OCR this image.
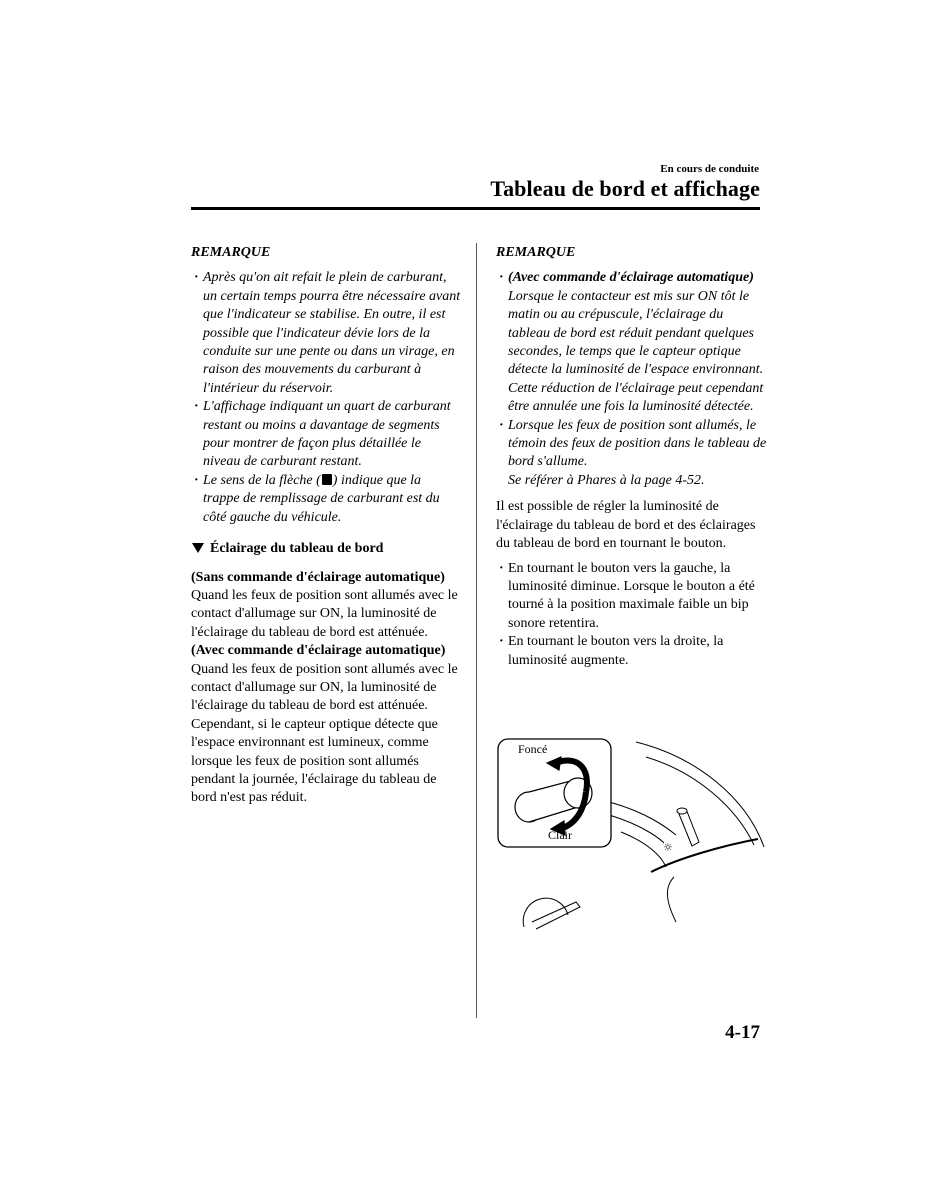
En cours de conduite
Tableau de bord et affichage
REMARQUE
· Après qu'on ait refait le plein de carburant, un certain temps pourra être nécessaire avant que l'indicateur se stabilise. En outre, il est possible que l'indicateur dévie lors de la conduite sur une pente ou dans un virage, en raison des mouvements du carburant à l'intérieur du réservoir.
· L'affichage indiquant un quart de carburant restant ou moins a davantage de segments pour montrer de façon plus détaillée le niveau de carburant restant.
· Le sens de la flèche ( ) indique que la trappe de remplissage de carburant est du côté gauche du véhicule.
Éclairage du tableau de bord

(Sans commande d'éclairage automatique)

Quand les feux de position sont allumés avec le contact d'allumage sur ON, la luminosité de l'éclairage du tableau de bord est atténuée.

(Avec commande d'éclairage automatique)

Quand les feux de position sont allumés avec le contact d'allumage sur ON, la luminosité de l'éclairage du tableau de bord est atténuée. Cependant, si le capteur optique détecte que l'espace environnant est lumineux, comme lorsque les feux de position sont allumés pendant la journée, l'éclairage du tableau de bord n'est pas réduit.

REMARQUE
· (Avec commande d'éclairage automatique)
Lorsque le contacteur est mis sur ON tôt le matin ou au crépuscule, l'éclairage du tableau de bord est réduit pendant quelques secondes, le temps que le capteur optique détecte la luminosité de l'espace environnant. Cette réduction de l'éclairage peut cependant être annulée une fois la luminosité détectée.
· Lorsque les feux de position sont allumés, le témoin des feux de position dans le tableau de bord s'allume.
Se référer à Phares à la page 4-52.

Il est possible de régler la luminosité de l'éclairage du tableau de bord et des éclairages du tableau de bord en tournant le bouton.

· En tournant le bouton vers la gauche, la luminosité diminue. Lorsque le bouton a été tourné à la position maximale faible un bip sonore retentira.
· En tournant le bouton vers la droite, la luminosité augmente.
☼
Foncé
Clair
4-17
